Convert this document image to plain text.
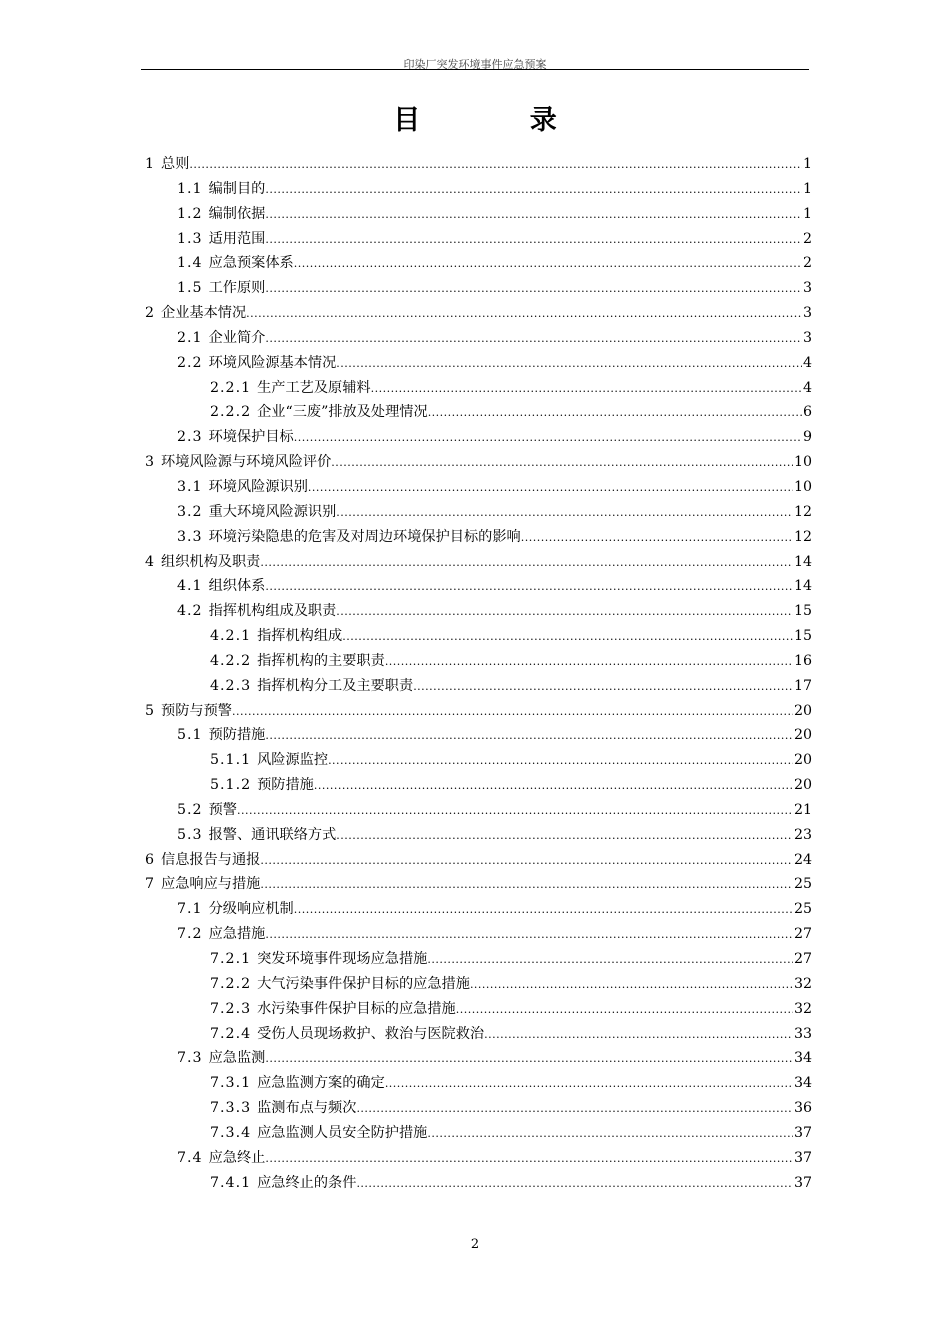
印染厂突发环境事件应急预案
目 录
1 总则 .....	1
1.1 编制目的 .....	1
1.2 编制依据 .....	1
1.3 适用范围 .....	2
1.4 应急预案体系 .....	2
1.5 工作原则 .....	3
2 企业基本情况 .....	3
2.1 企业简介 .....	3
2.2 环境风险源基本情况 .....	4
2.2.1 生产工艺及原辅料 .....	4
2.2.2 企业“三废”排放及处理情况 .....	6
2.3 环境保护目标 .....	9
3 环境风险源与环境风险评价 .....	10
3.1 环境风险源识别 .....	10
3.2 重大环境风险源识别 .....	12
3.3 环境污染隐患的危害及对周边环境保护目标的影响 .....	12
4 组织机构及职责 .....	14
4.1 组织体系 .....	14
4.2 指挥机构组成及职责 .....	15
4.2.1 指挥机构组成 .....	15
4.2.2 指挥机构的主要职责 .....	16
4.2.3 指挥机构分工及主要职责 .....	17
5 预防与预警 .....	20
5.1 预防措施 .....	20
5.1.1 风险源监控 .....	20
5.1.2 预防措施 .....	20
5.2 预警 .....	21
5.3 报警、通讯联络方式 .....	23
6 信息报告与通报 .....	24
7 应急响应与措施 .....	25
7.1 分级响应机制 .....	25
7.2 应急措施 .....	27
7.2.1 突发环境事件现场应急措施 .....	27
7.2.2 大气污染事件保护目标的应急措施 .....	32
7.2.3 水污染事件保护目标的应急措施 .....	32
7.2.4 受伤人员现场救护、救治与医院救治 .....	33
7.3 应急监测 .....	34
7.3.1 应急监测方案的确定 .....	34
7.3.3 监测布点与频次 .....	36
7.3.4 应急监测人员安全防护措施 .....	37
7.4 应急终止 .....	37
7.4.1 应急终止的条件 .....	37
2
